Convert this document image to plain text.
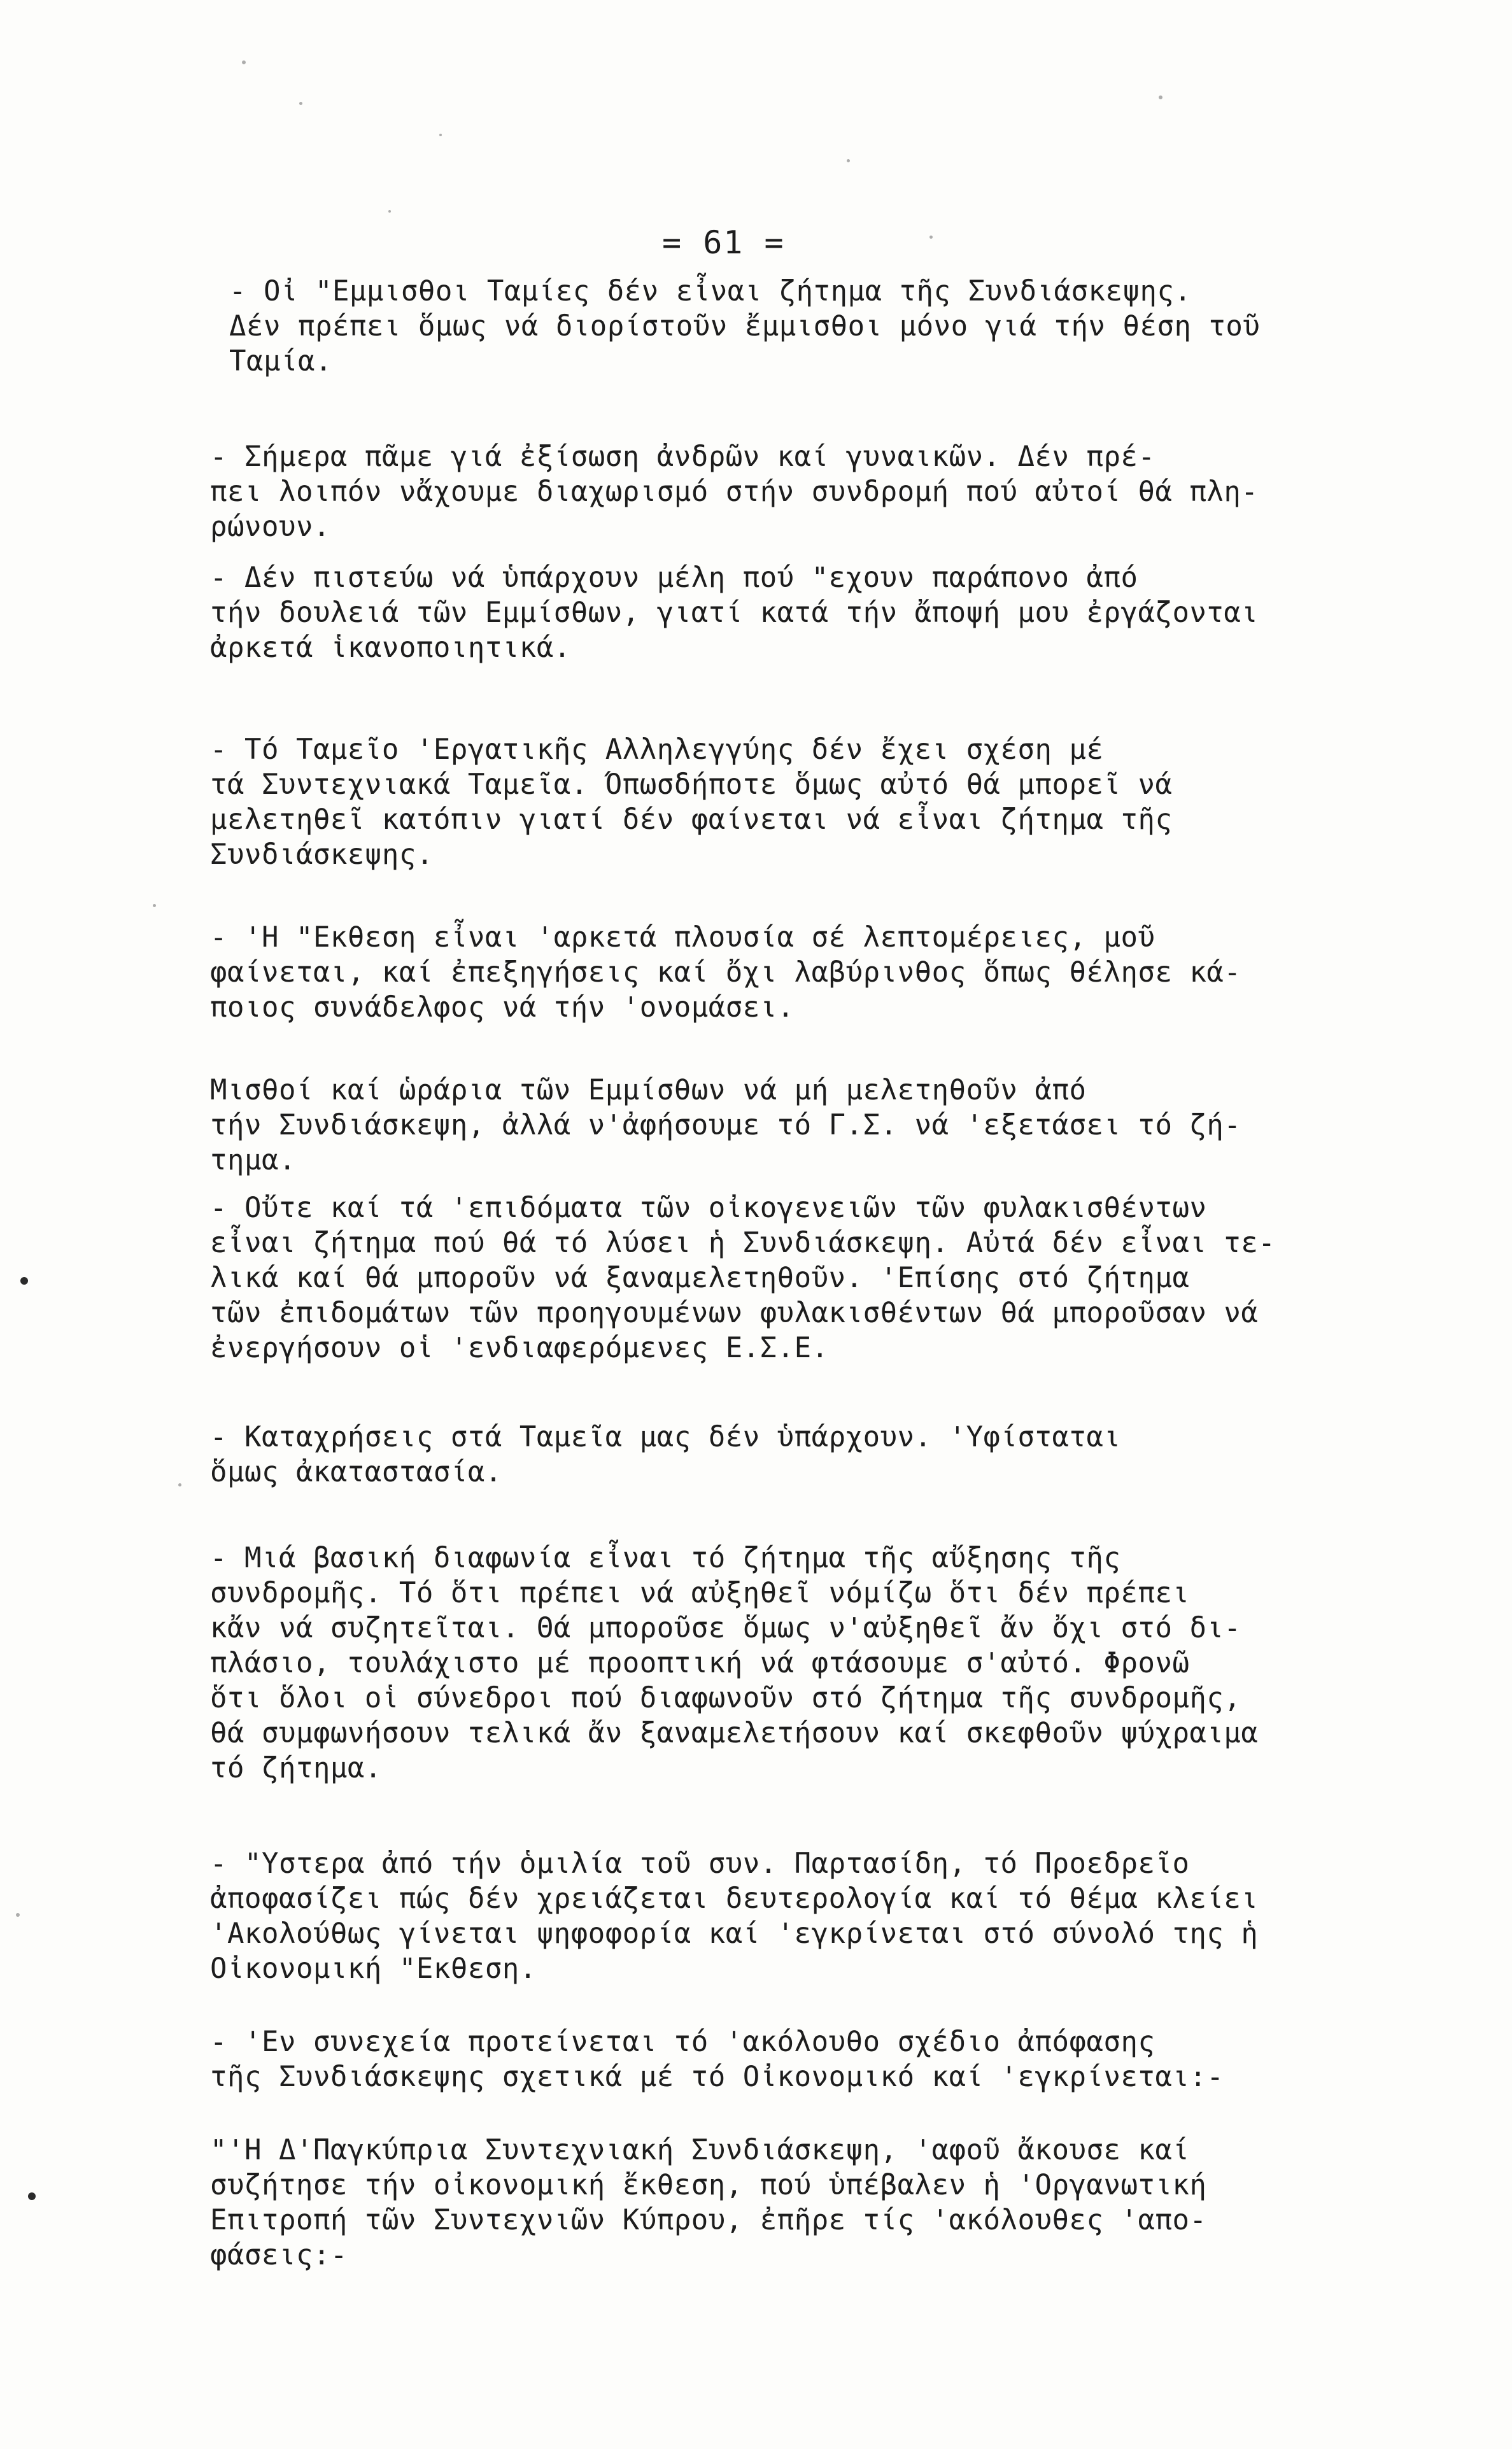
= 61 =

- Οἰ "Εμμισθοι Ταμίες δέν εἶναι ζήτημα τῆς Συνδιάσκεψης.
Δέν πρέπει ὅμως νά διορίστοῦν ἔμμισθοι μόνο γιά τήν θέση τοῦ
Ταμία.

- Σήμερα πᾶμε γιά ἐξίσωση ἀνδρῶν καί γυναικῶν. Δέν πρέ-
πει λοιπόν νἄχουμε διαχωρισμό στήν συνδρομή πού αὐτοί θά πλη-
ρώνουν.

- Δέν πιστεύω νά ὑπάρχουν μέλη πού "εχουν παράπονο ἀπό
τήν δουλειά τῶν Εμμίσθων, γιατί κατά τήν ἄποψή μου ἐργάζονται
ἀρκετά ἱκανοποιητικά.

- Τό Ταμεῖο 'Εργατικῆς Αλληλεγγύης δέν ἔχει σχέση μέ
τά Συντεχνιακά Ταμεῖα. Όπωσδήποτε ὅμως αὐτό θά μπορεῖ νά
μελετηθεῖ κατόπιν γιατί δέν φαίνεται νά εἶναι ζήτημα τῆς
Συνδιάσκεψης.

- 'Η "Εκθεση εἶναι 'αρκετά πλουσία σέ λεπτομέρειες, μοῦ
φαίνεται, καί ἐπεξηγήσεις καί ὄχι λαβύρινθος ὅπως θέλησε κά-
ποιος συνάδελφος νά τήν 'ονομάσει.

Μισθοί καί ὡράρια τῶν Εμμίσθων νά μή μελετηθοῦν ἀπό
τήν Συνδιάσκεψη, ἀλλά ν'ἀφήσουμε τό Γ.Σ. νά 'εξετάσει τό ζή-
τημα.

- Οὔτε καί τά 'επιδόματα τῶν οἰκογενειῶν τῶν φυλακισθέντων
εἶναι ζήτημα πού θά τό λύσει ἡ Συνδιάσκεψη. Αὐτά δέν εἶναι τε-
λικά καί θά μποροῦν νά ξαναμελετηθοῦν. 'Επίσης στό ζήτημα
τῶν ἐπιδομάτων τῶν προηγουμένων φυλακισθέντων θά μποροῦσαν νά
ἐνεργήσουν οἱ 'ενδιαφερόμενες Ε.Σ.Ε.

- Καταχρήσεις στά Ταμεῖα μας δέν ὑπάρχουν. 'Υφίσταται
ὅμως ἀκαταστασία.

- Μιά βασική διαφωνία εἶναι τό ζήτημα τῆς αὔξησης τῆς
συνδρομῆς. Τό ὅτι πρέπει νά αὐξηθεῖ νόμίζω ὅτι δέν πρέπει
κἄν νά συζητεῖται. Θά μποροῦσε ὅμως ν'αὐξηθεῖ ἄν ὄχι στό δι-
πλάσιο, τουλάχιστο μέ προοπτική νά φτάσουμε σ'αὐτό. Φρονῶ
ὅτι ὅλοι οἱ σύνεδροι πού διαφωνοῦν στό ζήτημα τῆς συνδρομῆς,
θά συμφωνήσουν τελικά ἄν ξαναμελετήσουν καί σκεφθοῦν ψύχραιμα
τό ζήτημα.

- "Υστερα ἀπό τήν ὁμιλία τοῦ συν. Παρτασίδη, τό Προεδρεῖο
ἀποφασίζει πώς δέν χρειάζεται δευτερολογία καί τό θέμα κλείει
'Ακολούθως γίνεται ψηφοφορία καί 'εγκρίνεται στό σύνολό της ἡ
Οἰκονομική "Εκθεση.

- 'Εν συνεχεία προτείνεται τό 'ακόλουθο σχέδιο ἀπόφασης
τῆς Συνδιάσκεψης σχετικά μέ τό Οἰκονομικό καί 'εγκρίνεται:-

"'Η Δ'Παγκύπρια Συντεχνιακή Συνδιάσκεψη, 'αφοῦ ἄκουσε καί
συζήτησε τήν οἰκονομική ἔκθεση, πού ὑπέβαλεν ἡ 'Οργανωτική
Επιτροπή τῶν Συντεχνιῶν Κύπρου, ἐπῆρε τίς 'ακόλουθες 'απο-
φάσεις:-
